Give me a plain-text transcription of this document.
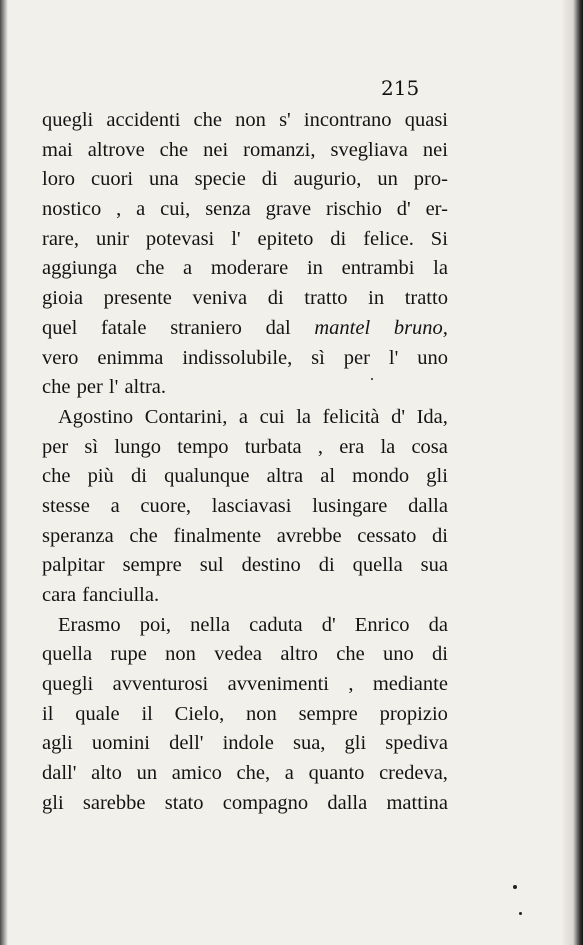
215
quegli accidenti che non s' incontrano quasi
mai altrove che nei romanzi, svegliava nei
loro cuori una specie di augurio, un pro-
nostico , a cui, senza grave rischio d' er-
rare, unir potevasi l' epiteto di felice. Si
aggiunga che a moderare in entrambi la
gioia presente veniva di tratto in tratto
quel fatale straniero dal mantel bruno,
vero enimma indissolubile, sì per l' uno
che per l' altra.
Agostino Contarini, a cui la felicità d' Ida,
per sì lungo tempo turbata , era la cosa
che più di qualunque altra al mondo gli
stesse a cuore, lasciavasi lusingare dalla
speranza che finalmente avrebbe cessato di
palpitar sempre sul destino di quella sua
cara fanciulla.
Erasmo poi, nella caduta d' Enrico da
quella rupe non vedea altro che uno di
quegli avventurosi avvenimenti , mediante
il quale il Cielo, non sempre propizio
agli uomini dell' indole sua, gli spediva
dall' alto un amico che, a quanto credeva,
gli sarebbe stato compagno dalla mattina
